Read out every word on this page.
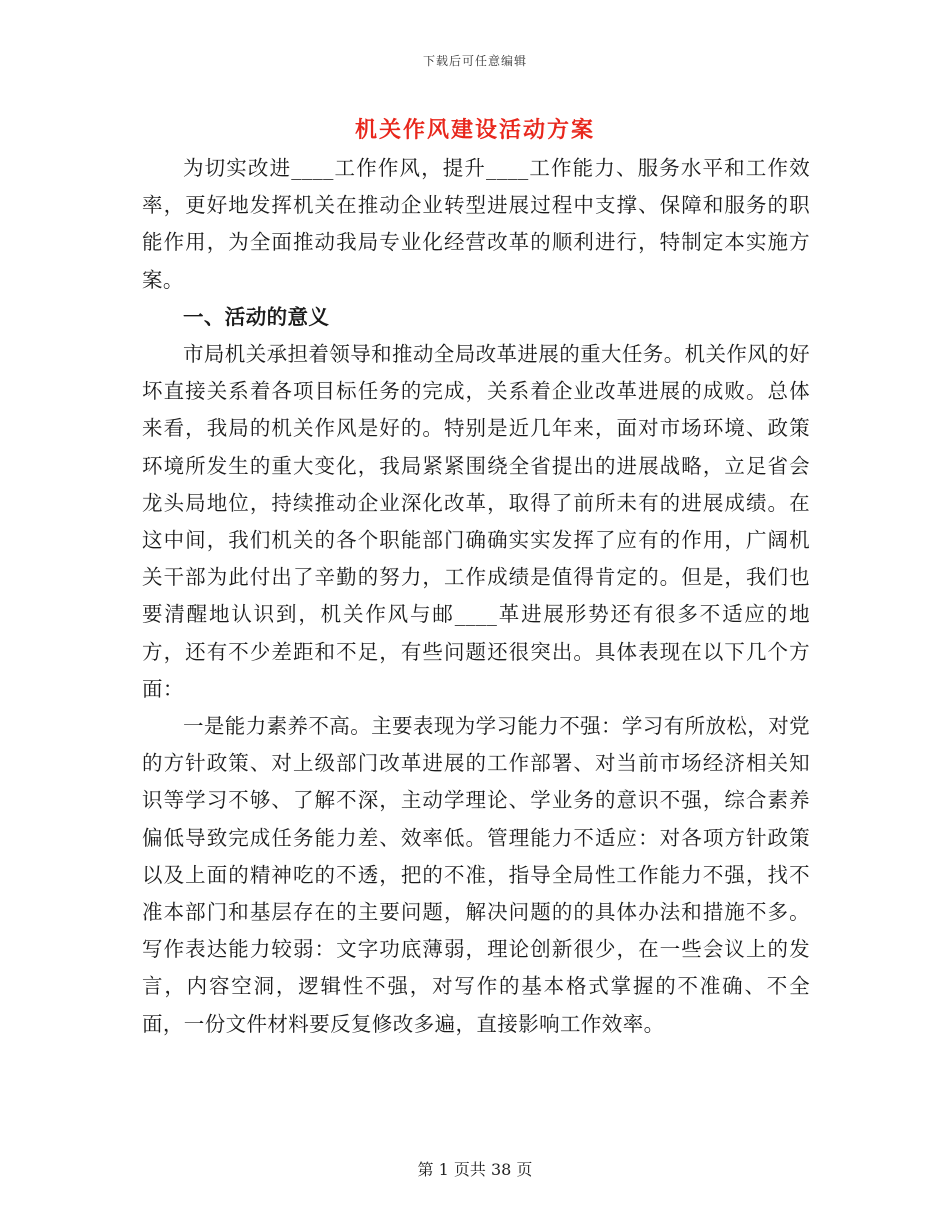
下载后可任意编辑
机关作风建设活动方案

为切实改进____工作作风，提升____工作能力、服务水平和工作效率，更好地发挥机关在推动企业转型进展过程中支撑、保障和服务的职能作用，为全面推动我局专业化经营改革的顺利进行，特制定本实施方案。

一、活动的意义

市局机关承担着领导和推动全局改革进展的重大任务。机关作风的好坏直接关系着各项目标任务的完成，关系着企业改革进展的成败。总体来看，我局的机关作风是好的。特别是近几年来，面对市场环境、政策环境所发生的重大变化，我局紧紧围绕全省提出的进展战略，立足省会龙头局地位，持续推动企业深化改革，取得了前所未有的进展成绩。在这中间，我们机关的各个职能部门确确实实发挥了应有的作用，广阔机关干部为此付出了辛勤的努力，工作成绩是值得肯定的。但是，我们也要清醒地认识到，机关作风与邮____革进展形势还有很多不适应的地方，还有不少差距和不足，有些问题还很突出。具体表现在以下几个方面：

一是能力素养不高。主要表现为学习能力不强：学习有所放松，对党的方针政策、对上级部门改革进展的工作部署、对当前市场经济相关知识等学习不够、了解不深，主动学理论、学业务的意识不强，综合素养偏低导致完成任务能力差、效率低。管理能力不适应：对各项方针政策以及上面的精神吃的不透，把的不准，指导全局性工作能力不强，找不准本部门和基层存在的主要问题，解决问题的的具体办法和措施不多。写作表达能力较弱：文字功底薄弱，理论创新很少，在一些会议上的发言，内容空洞，逻辑性不强，对写作的基本格式掌握的不准确、不全面，一份文件材料要反复修改多遍，直接影响工作效率。

第 1 页共 38 页
